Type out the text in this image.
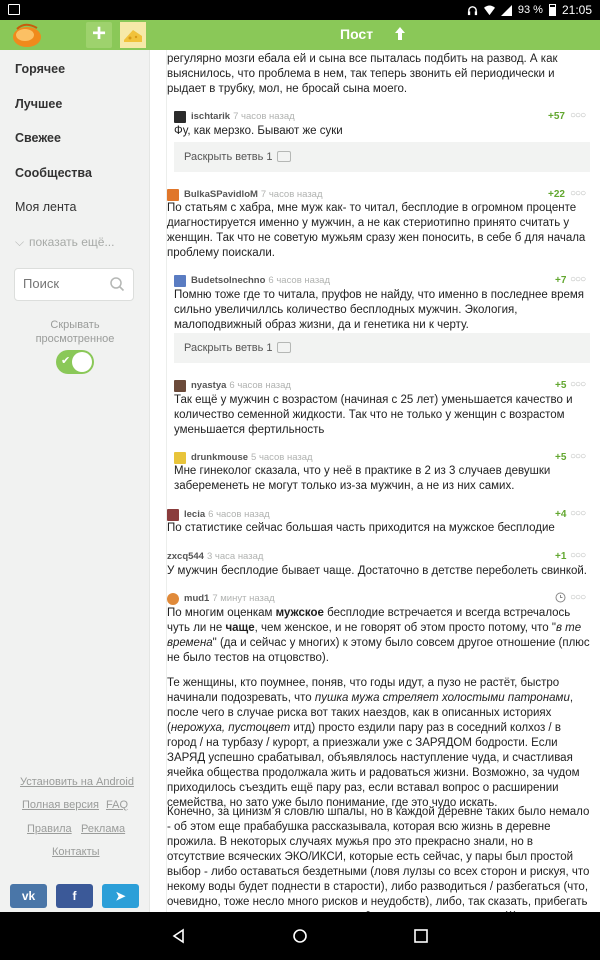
93 % 21:05
+	Пост
Горячее
Лучшее
Свежее
Сообщества
Моя лента
⌵ показать ещё...
Поиск
Скрывать просмотренное
✔
Установить на Android
Полная версия FAQ
Правила Реклама
Контакты
vk	f	➤
регулярно мозги ебала ей и сына все пыталась подбить на развод. А как выяснилось, что проблема в нем, так теперь звонить ей периодически и рыдает в трубку, мол, не бросай сына моего.
ischtarik 7 часов назад	+57 ○○○
Фу, как мерзко. Бывают же суки
Раскрыть ветвь 1
BulkaSPavidloM 7 часов назад	+22 ○○○
По статьям с хабра, мне муж как- то читал, бесплодие в огромном проценте диагностируется именно у мужчин, а не как стериотипно принято считать у женщин. Так что не советую мужьям сразу жен поносить, в себе б для начала проблему поискали.
Budetsolnechno 6 часов назад	+7 ○○○
Помню тоже где то читала, пруфов не найду, что именно в последнее время сильно увеличиллсь количество бесплодных мужчин. Экология, малоподвижный образ жизни, да и генетика ни к черту.
Раскрыть ветвь 1
nyastya 6 часов назад	+5 ○○○
Так ещё у мужчин с возрастом (начиная с 25 лет) уменьшается качество и количество семенной жидкости. Так что не только у женщин с возрастом уменьшается фертильность
drunkmouse 5 часов назад	+5 ○○○
Мне гинеколог сказала, что у неё в практике в 2 из 3 случаев девушки забеременеть не могут только из-за мужчин, а не из них самих.
lecia 6 часов назад	+4 ○○○
По статистике сейчас большая часть приходится на мужское бесплодие
zxcq544 3 часа назад	+1 ○○○
У мужчин бесплодие бывает чаще. Достаточно в детстве переболеть свинкой.
mud1 7 минут назад	○○○
По многим оценкам мужское бесплодие встречается и всегда встречалось чуть ли не чаще, чем женское, и не говорят об этом просто потому, что "в те времена" (да и сейчас у многих) к этому было совсем другое отношение (плюс не было тестов на отцовство).
Те женщины, кто поумнее, поняв, что годы идут, а пузо не растёт, быстро начинали подозревать, что пушка мужа стреляет холостыми патронами, после чего в случае риска вот таких наездов, как в описанных историях (нерожуха, пустоцвет итд) просто ездили пару раз в соседний колхоз / в город / на турбазу / курорт, а приезжали уже с ЗАРЯДОМ бодрости. Если ЗАРЯД успешно срабатывал, объявлялось наступление чуда, и счастливая ячейка общества продолжала жить и радоваться жизни. Возможно, за чудом приходилось съездить ещё пару раз, если вставал вопрос о расширении семейства, но зато уже было понимание, где это чудо искать.
Конечно, за цинизм я словлю шпалы, но в каждой деревне таких было немало - об этом еще прабабушка рассказывала, которая всю жизнь в деревне прожила. В некоторых случаях мужья про это прекрасно знали, но в отсутствие всяческих ЭКО/ИКСИ, которые есть сейчас, у пары был простой выбор - либо оставаться бездетными (ловя лулзы со всех сторон и рискуя, что некому воды будет поднести в старости), либо разводиться / разбегаться (что, очевидно, тоже несло много рисков и неудобств), либо, так сказать, прибегать
